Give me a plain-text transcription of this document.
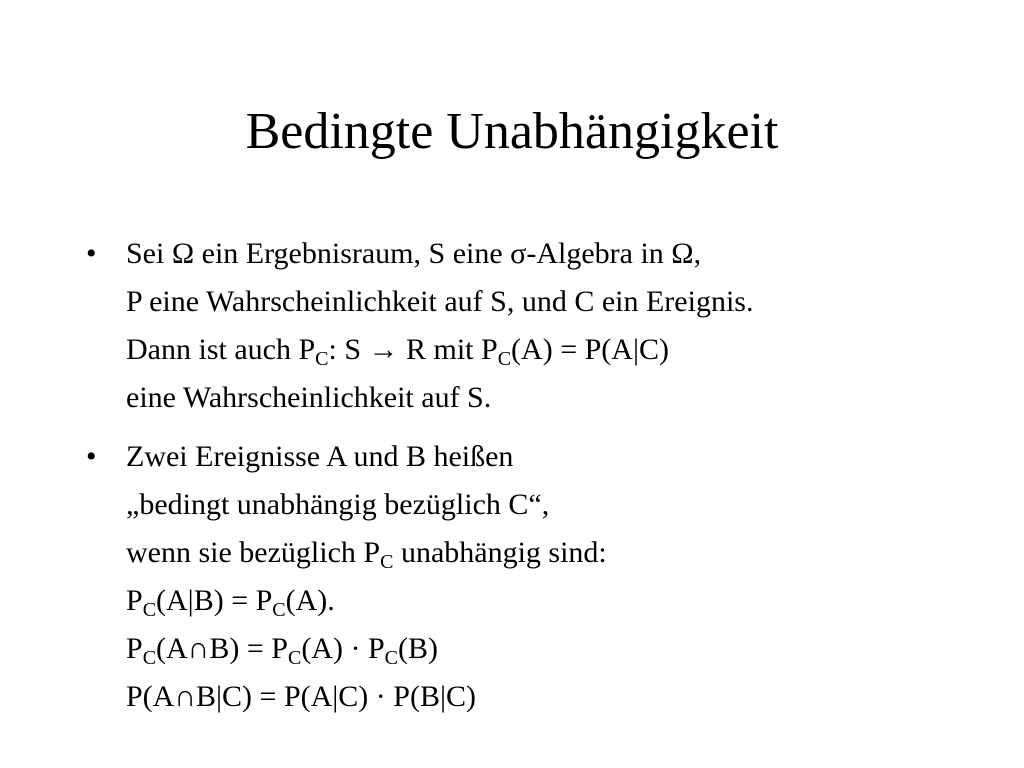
Bedingte Unabhängigkeit
• Sei Ω ein Ergebnisraum, S eine σ-Algebra in Ω,
P eine Wahrscheinlichkeit auf S, und C ein Ereignis.
Dann ist auch $P_C$: S → R mit $P_C(A) = P(A|C)$
eine Wahrscheinlichkeit auf S.
• Zwei Ereignisse A und B heißen
„bedingt unabhängig bezüglich C“,
wenn sie bezüglich $P_C$ unabhängig sind:
$P_C(A|B) = P_C(A)$.
$P_C(A\cap B) = P_C(A) \cdot P_C(B)$
P(A∩B|C) = P(A|C) · P(B|C)
